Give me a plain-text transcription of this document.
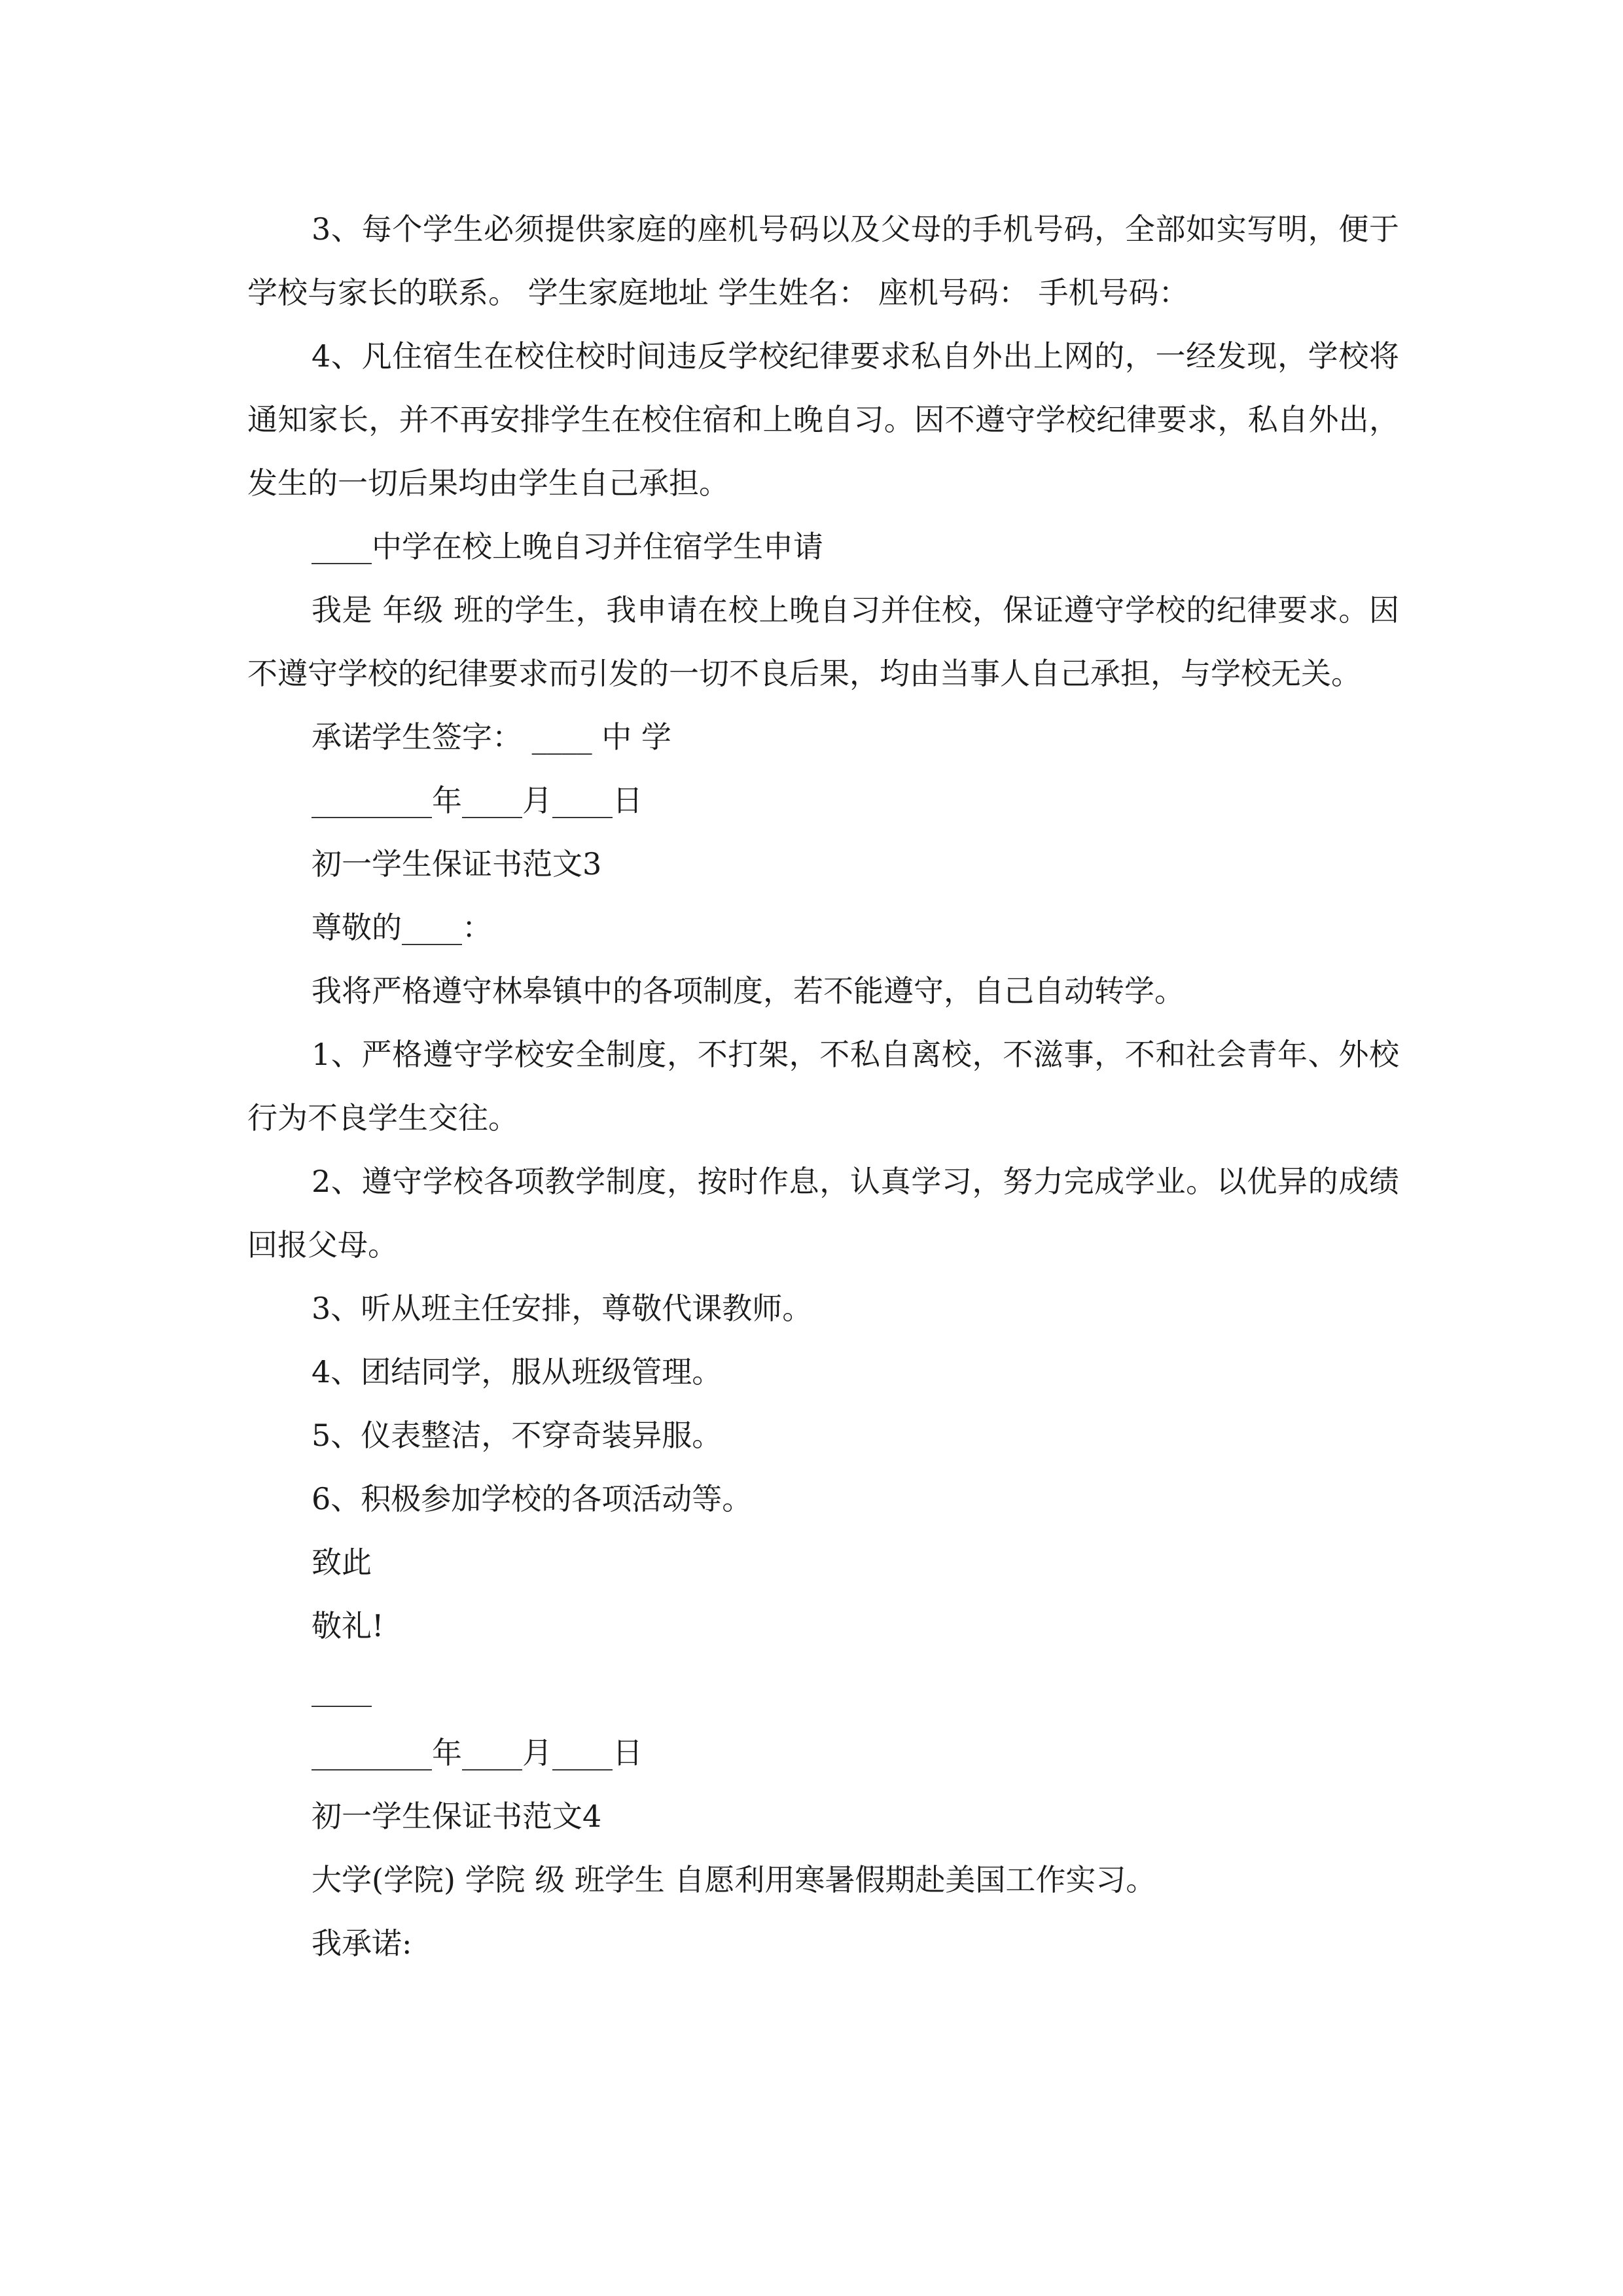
3、每个学生必须提供家庭的座机号码以及父母的手机号码，全部如实写明，便于学校与家长的联系。 学生家庭地址 学生姓名： 座机号码： 手机号码：

4、凡住宿生在校住校时间违反学校纪律要求私自外出上网的，一经发现，学校将通知家长，并不再安排学生在校住宿和上晚自习。因不遵守学校纪律要求，私自外出，发生的一切后果均由学生自己承担。

____中学在校上晚自习并住宿学生申请

我是 年级 班的学生，我申请在校上晚自习并住校，保证遵守学校的纪律要求。因不遵守学校的纪律要求而引发的一切不良后果，均由当事人自己承担，与学校无关。

承诺学生签字： ____ 中 学

________年____月____日

初一学生保证书范文3

尊敬的____：

我将严格遵守林皋镇中的各项制度，若不能遵守，自己自动转学。

1、严格遵守学校安全制度，不打架，不私自离校，不滋事，不和社会青年、外校行为不良学生交往。

2、遵守学校各项教学制度，按时作息，认真学习，努力完成学业。以优异的成绩回报父母。

3、听从班主任安排，尊敬代课教师。

4、团结同学，服从班级管理。

5、仪表整洁，不穿奇装异服。

6、积极参加学校的各项活动等。

致此

敬礼!

____

________年____月____日

初一学生保证书范文4

大学(学院) 学院 级 班学生 自愿利用寒暑假期赴美国工作实习。

我承诺:
